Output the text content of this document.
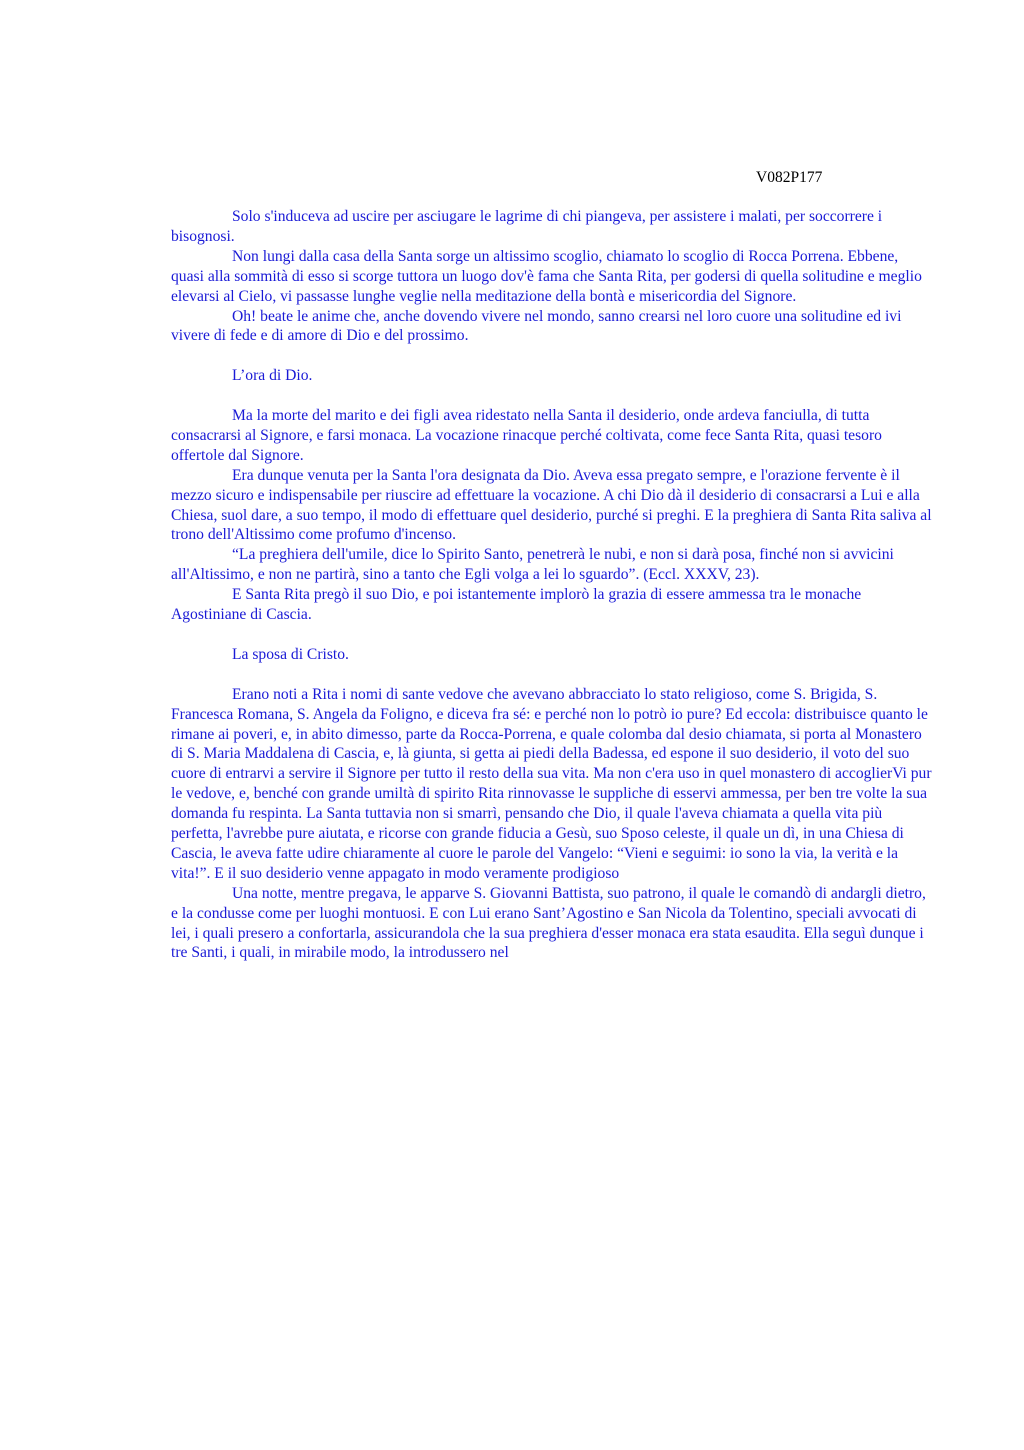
V082P177

Solo s'induceva ad uscire per asciugare le lagrime di chi piangeva, per assistere i malati, per soccorrere i bisognosi.

Non lungi dalla casa della Santa sorge un altissimo scoglio, chiamato lo scoglio di Rocca Porrena. Ebbene, quasi alla sommità di esso si scorge tuttora un luogo dov'è fama che Santa Rita, per godersi di quella solitudine e meglio elevarsi al Cielo, vi passasse lunghe veglie nella meditazione della bontà e misericordia del Signore.

Oh! beate le anime che, anche dovendo vivere nel mondo, sanno crearsi nel loro cuore una solitudine ed ivi vivere di fede e di amore di Dio e del prossimo.

L’ora di Dio.

Ma la morte del marito e dei figli avea ridestato nella Santa il desiderio, onde ardeva fanciulla, di tutta consacrarsi al Signore, e farsi monaca. La vocazione rinacque perché coltivata, come fece Santa Rita, quasi tesoro offertole dal Signore.

Era dunque venuta per la Santa l'ora designata da Dio. Aveva essa pregato sempre, e l'orazione fervente è il mezzo sicuro e indispensabile per riuscire ad effettuare la vocazione. A chi Dio dà il desiderio di consacrarsi a Lui e alla Chiesa, suol dare, a suo tempo, il modo di effettuare quel desiderio, purché si preghi. E la preghiera di Santa Rita saliva al trono dell'Altissimo come profumo d'incenso.

“La preghiera dell'umile, dice lo Spirito Santo, penetrerà le nubi, e non si darà posa, finché non si avvicini all'Altissimo, e non ne partirà, sino a tanto che Egli volga a lei lo sguardo”. (Eccl. XXXV, 23).

E Santa Rita pregò il suo Dio, e poi istantemente implorò la grazia di essere ammessa tra le monache Agostiniane di Cascia.

La sposa di Cristo.

Erano noti a Rita i nomi di sante vedove che avevano abbracciato lo stato religioso, come S. Brigida, S. Francesca Romana, S. Angela da Foligno, e diceva fra sé: e perché non lo potrò io pure? Ed eccola: distribuisce quanto le rimane ai poveri, e, in abito dimesso, parte da Rocca-Porrena, e quale colomba dal desio chiamata, si porta al Monastero di S. Maria Maddalena di Cascia, e, là giunta, si getta ai piedi della Badessa, ed espone il suo desiderio, il voto del suo cuore di entrarvi a servire il Signore per tutto il resto della sua vita. Ma non c'era uso in quel monastero di accoglierVi pur le vedove, e, benché con grande umiltà di spirito Rita rinnovasse le suppliche di esservi ammessa, per ben tre volte la sua domanda fu respinta. La Santa tuttavia non si smarrì, pensando che Dio, il quale l'aveva chiamata a quella vita più perfetta, l'avrebbe pure aiutata, e ricorse con grande fiducia a Gesù, suo Sposo celeste, il quale un dì, in una Chiesa di Cascia, le aveva fatte udire chiaramente al cuore le parole del Vangelo: “Vieni e seguimi: io sono la via, la verità e la vita!”. E il suo desiderio venne appagato in modo veramente prodigioso

Una notte, mentre pregava, le apparve S. Giovanni Battista, suo patrono, il quale le comandò di andargli dietro, e la condusse come per luoghi montuosi. E con Lui erano Sant’Agostino e San Nicola da Tolentino, speciali avvocati di lei, i quali presero a confortarla, assicurandola che la sua preghiera d'esser monaca era stata esaudita. Ella seguì dunque i tre Santi, i quali, in mirabile modo, la introdussero nel
